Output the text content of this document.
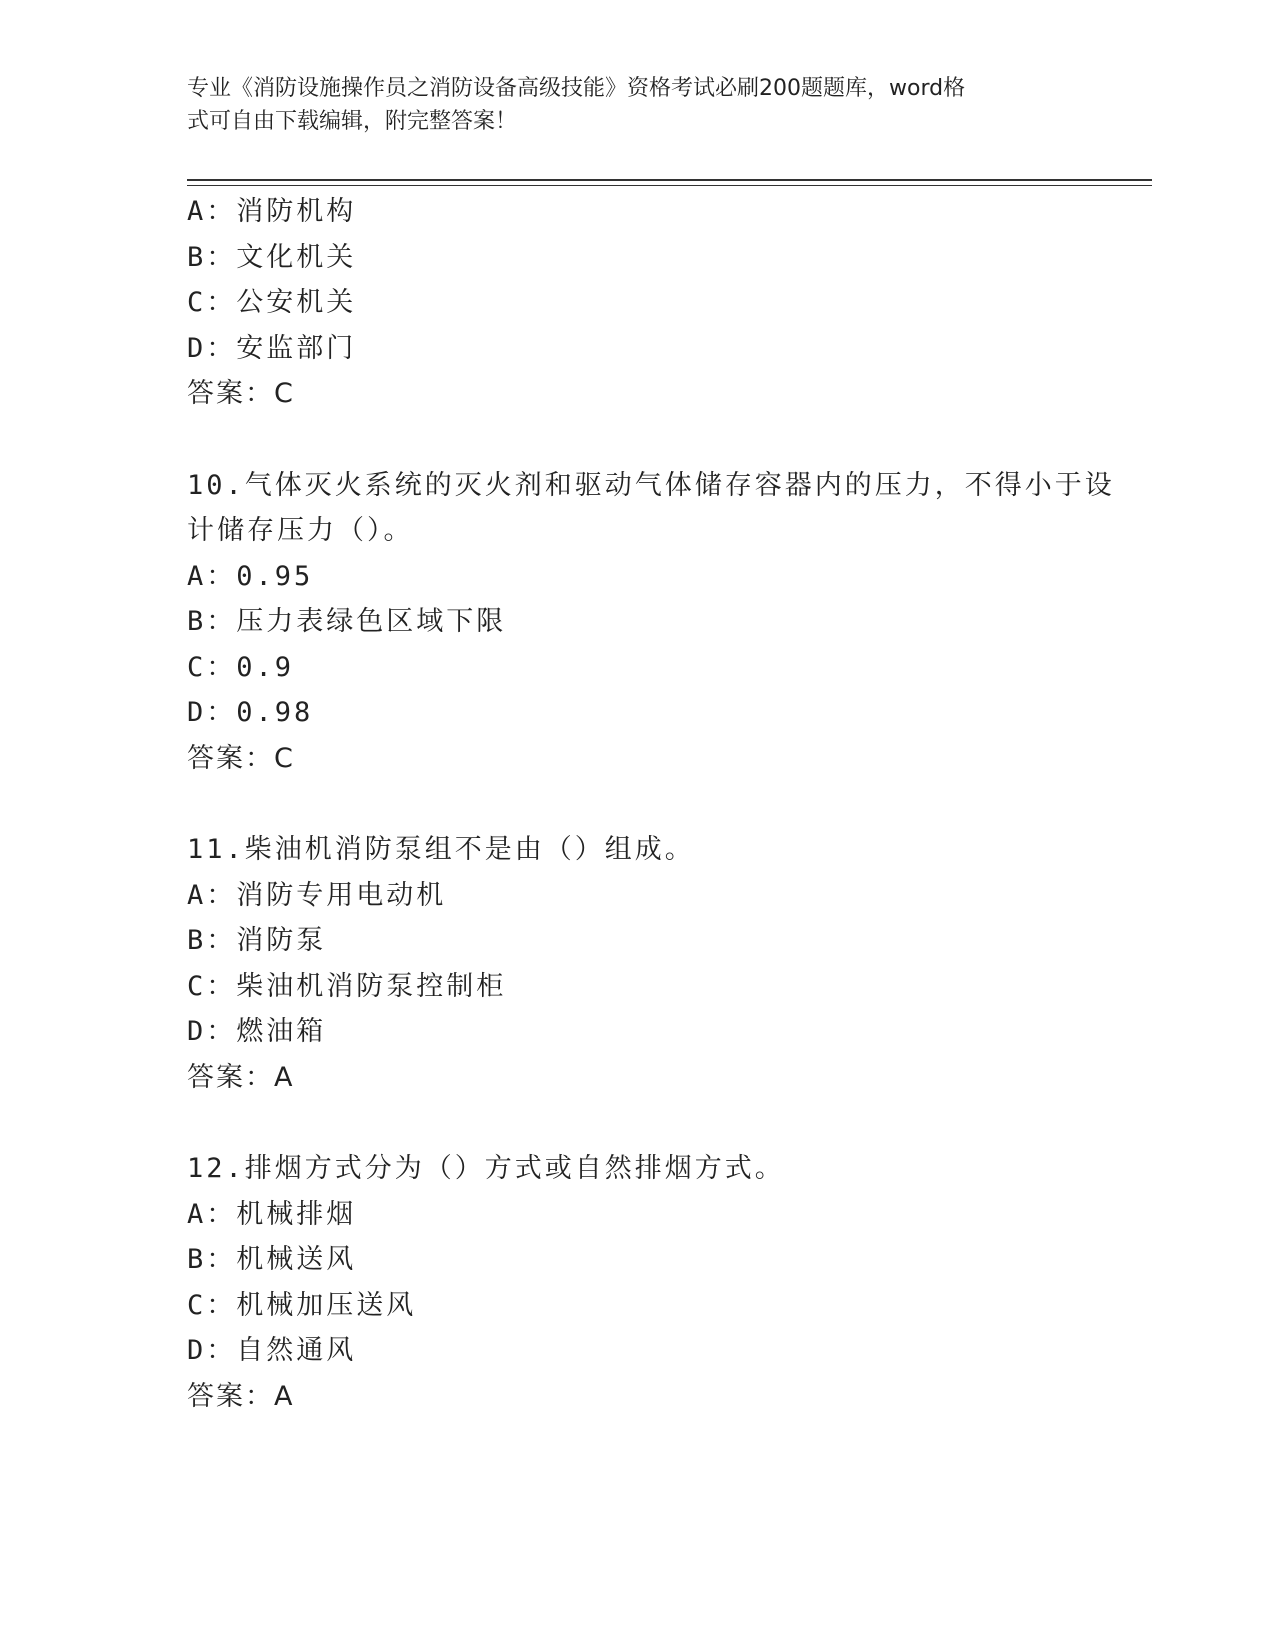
专业《消防设施操作员之消防设备高级技能》资格考试必刷200题题库，word格
式可自由下载编辑，附完整答案！
A：消防机构
B：文化机关
C：公安机关
D：安监部门
答案：C
10.气体灭火系统的灭火剂和驱动气体储存容器内的压力，不得小于设
计储存压力（）。
A：0.95
B：压力表绿色区域下限
C：0.9
D：0.98
答案：C
11.柴油机消防泵组不是由（）组成。
A：消防专用电动机
B：消防泵
C：柴油机消防泵控制柜
D：燃油箱
答案：A
12.排烟方式分为（）方式或自然排烟方式。
A：机械排烟
B：机械送风
C：机械加压送风
D：自然通风
答案：A
